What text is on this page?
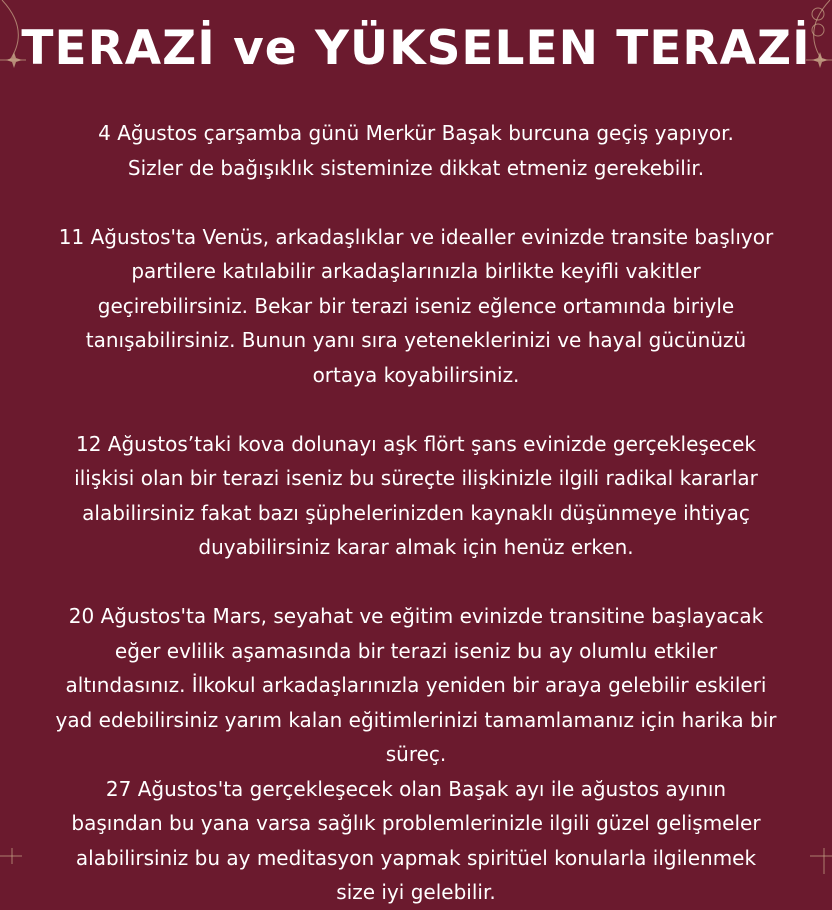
TERAZİ ve YÜKSELEN TERAZİ

4 Ağustos çarşamba günü Merkür Başak burcuna geçiş yapıyor.
Sizler de bağışıklık sisteminize dikkat etmeniz gerekebilir.

11 Ağustos'ta Venüs, arkadaşlıklar ve idealler evinizde transite başlıyor
partilere katılabilir arkadaşlarınızla birlikte keyifli vakitler
geçirebilirsiniz. Bekar bir terazi iseniz eğlence ortamında biriyle
tanışabilirsiniz. Bunun yanı sıra yeteneklerinizi ve hayal gücünüzü
ortaya koyabilirsiniz.

12 Ağustos’taki kova dolunayı aşk flört şans evinizde gerçekleşecek
ilişkisi olan bir terazi iseniz bu süreçte ilişkinizle ilgili radikal kararlar
alabilirsiniz fakat bazı şüphelerinizden kaynaklı düşünmeye ihtiyaç
duyabilirsiniz karar almak için henüz erken.

20 Ağustos'ta Mars, seyahat ve eğitim evinizde transitine başlayacak
eğer evlilik aşamasında bir terazi iseniz bu ay olumlu etkiler
altındasınız. İlkokul arkadaşlarınızla yeniden bir araya gelebilir eskileri
yad edebilirsiniz yarım kalan eğitimlerinizi tamamlamanız için harika bir
süreç.

27 Ağustos'ta gerçekleşecek olan Başak ayı ile ağustos ayının
başından bu yana varsa sağlık problemlerinizle ilgili güzel gelişmeler
alabilirsiniz bu ay meditasyon yapmak spiritüel konularla ilgilenmek
size iyi gelebilir.
